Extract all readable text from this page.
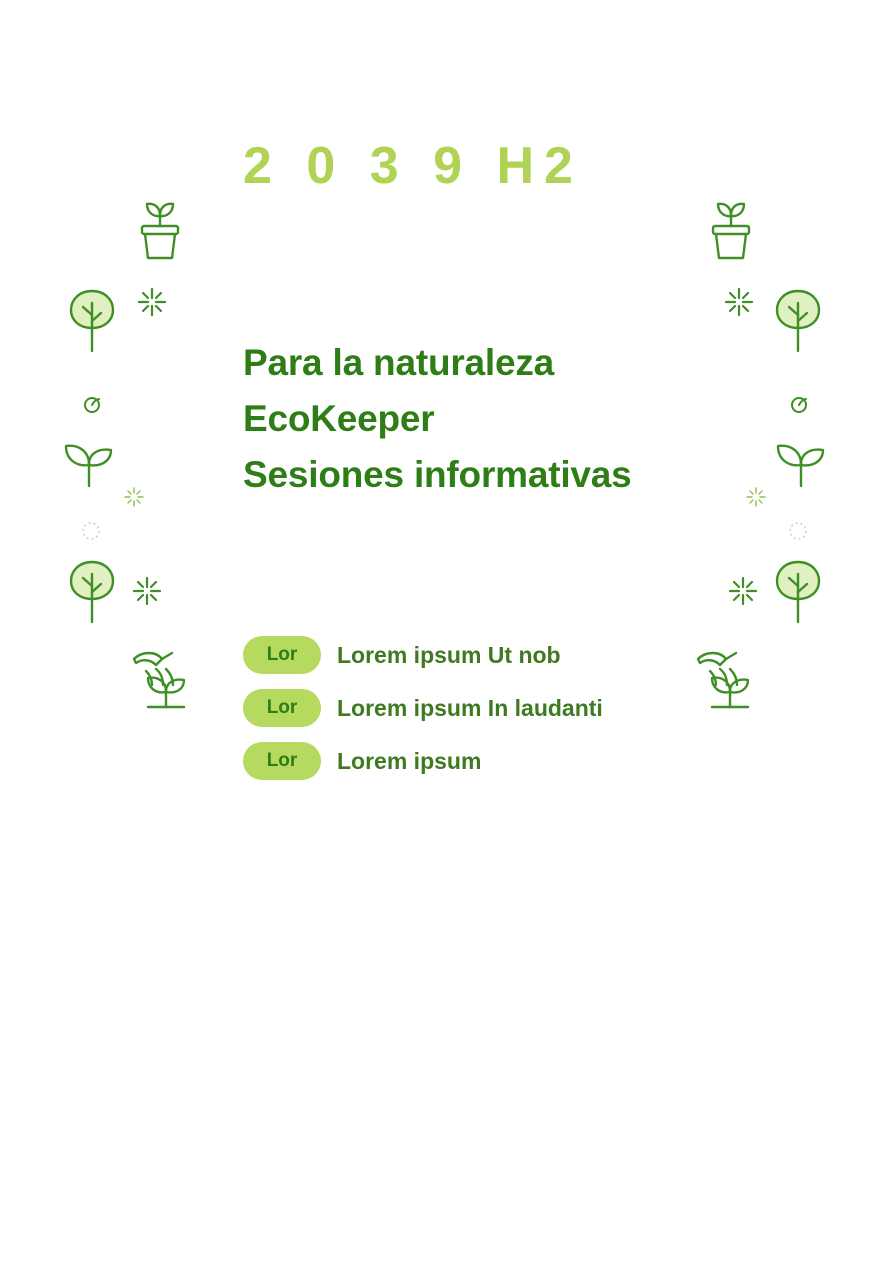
2 0 3 9 H2
Para la naturaleza
EcoKeeper
Sesiones informativas
Lor	Lorem ipsum Ut nob
Lor	Lorem ipsum In laudanti
Lor	Lorem ipsum
